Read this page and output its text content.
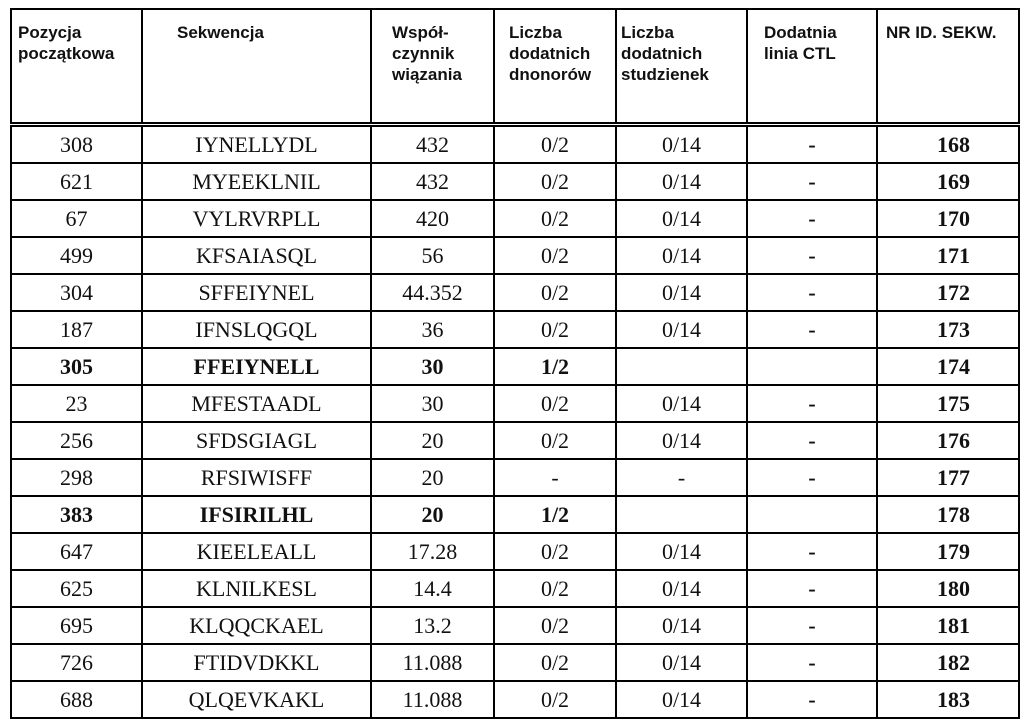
Pozycja początkowa	Sekwencja	Współ-czynnik wiązania	Liczba dodatnich dnonorów	Liczba dodatnich studzienek	Dodatnia linia CTL	NR ID. SEKW.
308	IYNELLYDL	432	0/2	0/14	-	168
621	MYEEKLNIL	432	0/2	0/14	-	169
67	VYLRVRPLL	420	0/2	0/14	-	170
499	KFSAIASQL	56	0/2	0/14	-	171
304	SFFEIYNEL	44.352	0/2	0/14	-	172
187	IFNSLQGQL	36	0/2	0/14	-	173
305	FFEIYNELL	30	1/2			174
23	MFESTAADL	30	0/2	0/14	-	175
256	SFDSGIAGL	20	0/2	0/14	-	176
298	RFSIWISFF	20	-	-	-	177
383	IFSIRILHL	20	1/2			178
647	KIEELEALL	17.28	0/2	0/14	-	179
625	KLNILKESL	14.4	0/2	0/14	-	180
695	KLQQCKAEL	13.2	0/2	0/14	-	181
726	FTIDVDKKL	11.088	0/2	0/14	-	182
688	QLQEVKAKL	11.088	0/2	0/14	-	183
